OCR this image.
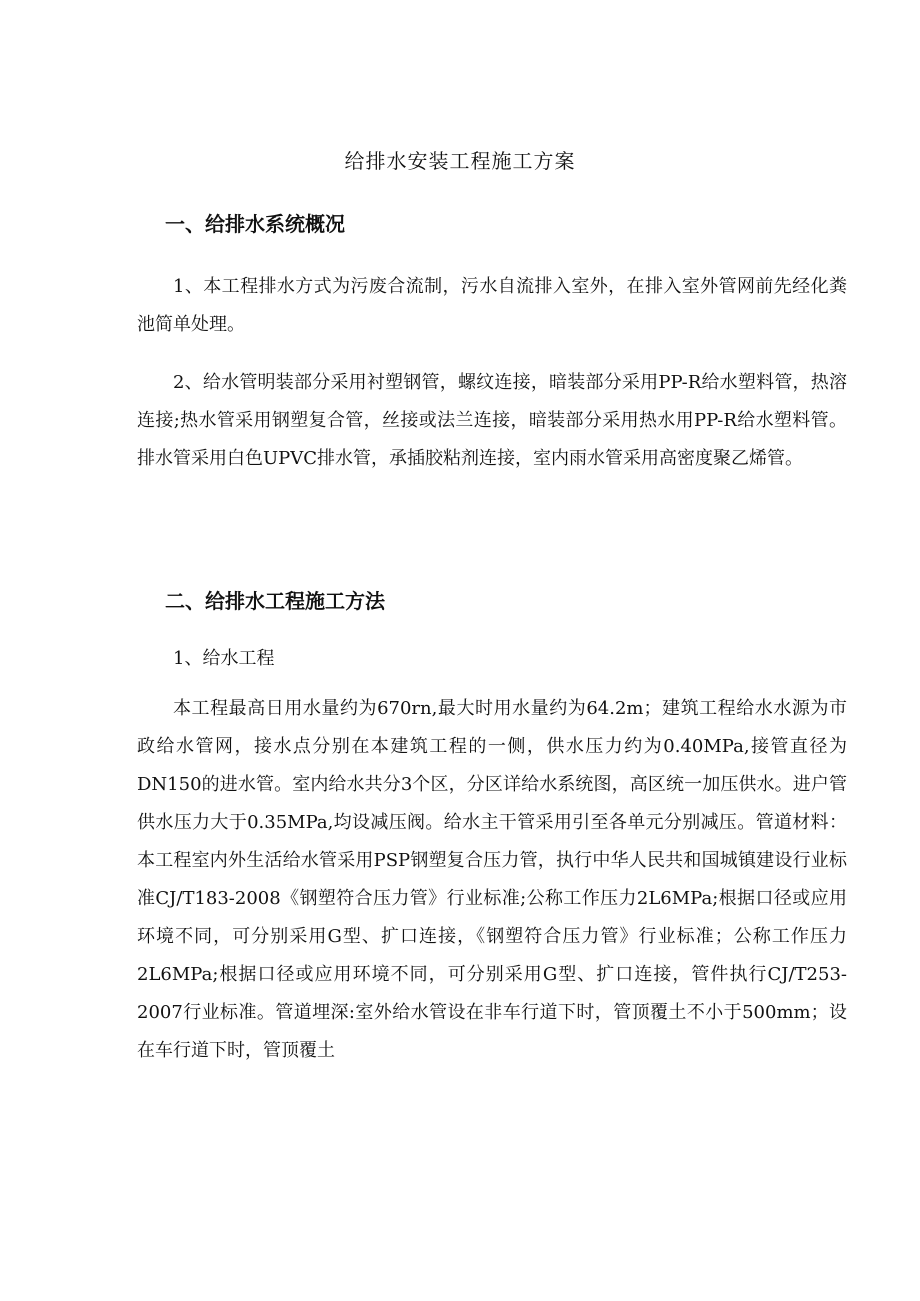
给排水安装工程施工方案
一、给排水系统概况

1、本工程排水方式为污废合流制，污水自流排入室外，在排入室外管网前先经化粪池简单处理。

2、给水管明装部分采用衬塑钢管，螺纹连接，暗装部分采用PP-R给水塑料管，热溶连接;热水管采用钢塑复合管，丝接或法兰连接，暗装部分采用热水用PP-R给水塑料管。排水管采用白色UPVC排水管，承插胶粘剂连接，室内雨水管采用高密度聚乙烯管。

二、给排水工程施工方法
1、给水工程

本工程最高日用水量约为670rn,最大时用水量约为64.2m；建筑工程给水水源为市政给水管网，接水点分别在本建筑工程的一侧，供水压力约为0.40MPa,接管直径为DN150的进水管。室内给水共分3个区，分区详给水系统图，高区统一加压供水。进户管供水压力大于0.35MPa,均设减压阀。给水主干管采用引至各单元分别减压。管道材料：本工程室内外生活给水管采用PSP钢塑复合压力管，执行中华人民共和国城镇建设行业标准CJ/T183-2008《钢塑符合压力管》行业标准;公称工作压力2L6MPa;根据口径或应用环境不同，可分别采用G型、扩口连接，《钢塑符合压力管》行业标准；公称工作压力2L6MPa;根据口径或应用环境不同，可分别采用G型、扩口连接，管件执行CJ/T253-2007行业标准。管道埋深:室外给水管设在非车行道下时，管顶覆土不小于500mm；设在车行道下时，管顶覆土
